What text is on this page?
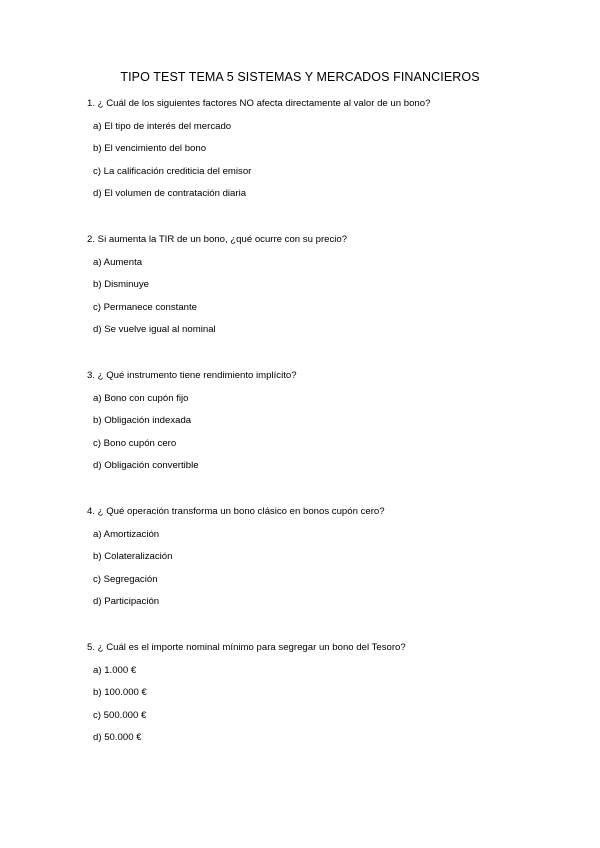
TIPO TEST TEMA 5 SISTEMAS Y MERCADOS FINANCIEROS
1. ¿ Cuál de los siguientes factores NO afecta directamente al valor de un bono?
a) El tipo de interés del mercado
b) El vencimiento del bono
c) La calificación crediticia del emisor
d) El volumen de contratación diaria
2. Si aumenta la TIR de un bono, ¿qué ocurre con su precio?
a) Aumenta
b) Disminuye
c) Permanece constante
d) Se vuelve igual al nominal
3. ¿ Qué instrumento tiene rendimiento implícito?
a) Bono con cupón fijo
b) Obligación indexada
c) Bono cupón cero
d) Obligación convertible
4. ¿ Qué operación transforma un bono clásico en bonos cupón cero?
a) Amortización
b) Colateralización
c) Segregación
d) Participación
5. ¿ Cuál es el importe nominal mínimo para segregar un bono del Tesoro?
a) 1.000 €
b) 100.000 €
c) 500.000 €
d) 50.000 €
